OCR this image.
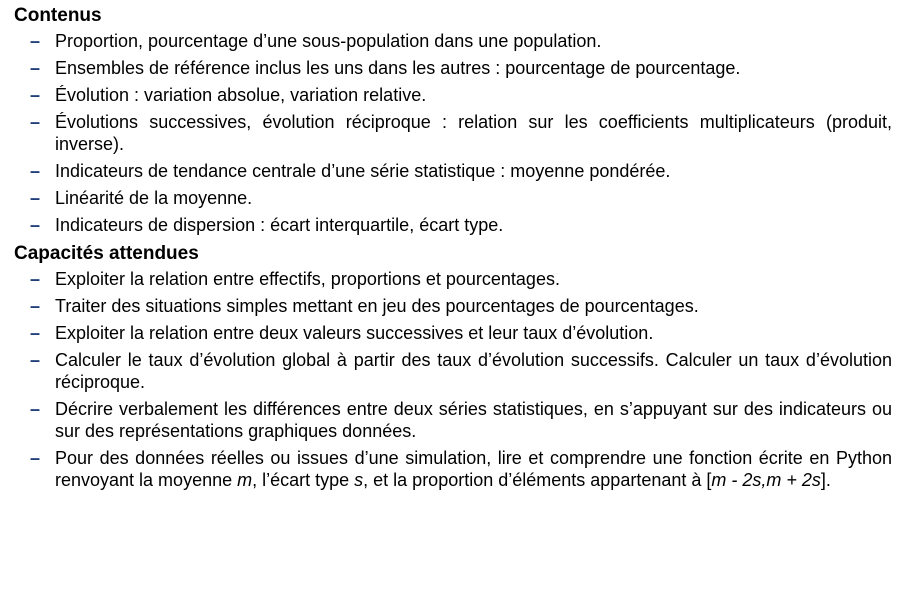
Contenus
– Proportion, pourcentage d’une sous-population dans une population.
– Ensembles de référence inclus les uns dans les autres : pourcentage de pourcentage.
– Évolution : variation absolue, variation relative.
– Évolutions successives, évolution réciproque : relation sur les coefficients multiplicateurs (produit, inverse).
– Indicateurs de tendance centrale d’une série statistique : moyenne pondérée.
– Linéarité de la moyenne.
– Indicateurs de dispersion : écart interquartile, écart type.
Capacités attendues
– Exploiter la relation entre effectifs, proportions et pourcentages.
– Traiter des situations simples mettant en jeu des pourcentages de pourcentages.
– Exploiter la relation entre deux valeurs successives et leur taux d’évolution.
– Calculer le taux d’évolution global à partir des taux d’évolution successifs. Calculer un taux d’évolution réciproque.
– Décrire verbalement les différences entre deux séries statistiques, en s’appuyant sur des indicateurs ou sur des représentations graphiques données.
– Pour des données réelles ou issues d’une simulation, lire et comprendre une fonction écrite en Python renvoyant la moyenne m, l’écart type s, et la proportion d’éléments appartenant à [m - 2s,m + 2s].
